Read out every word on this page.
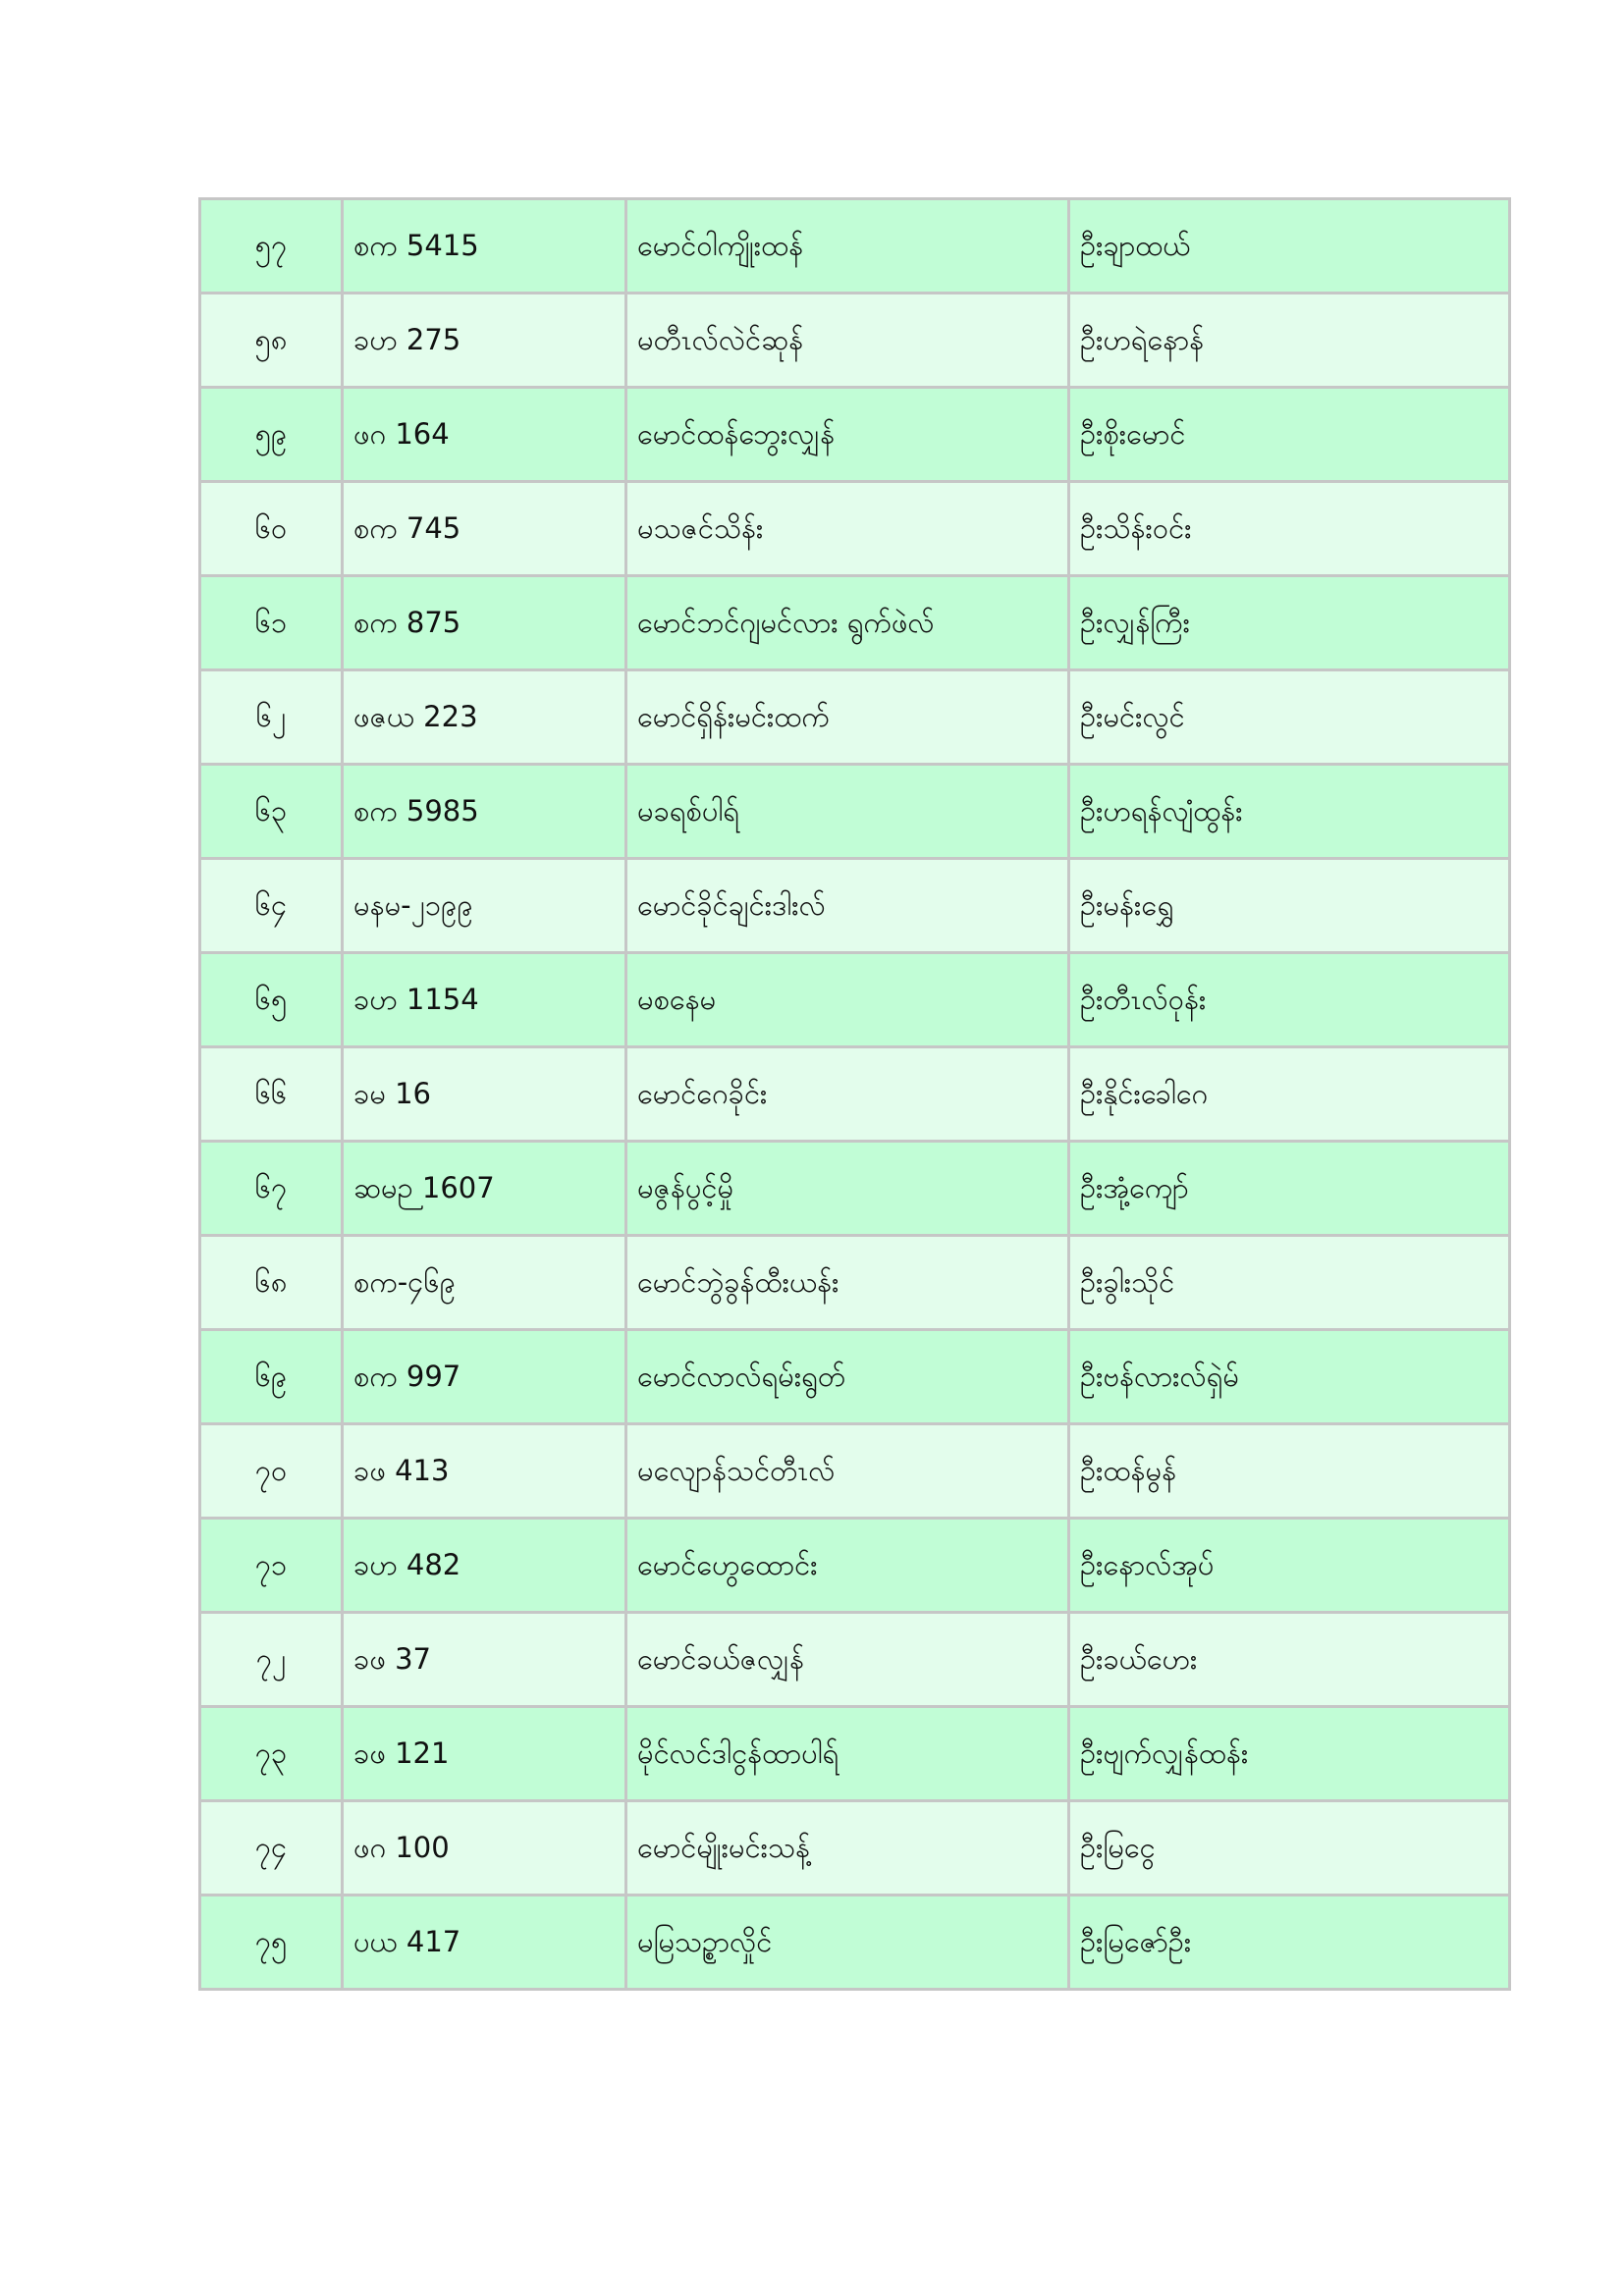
၅၇	စက 5415	မောင်ဝါကျိုးထန်	ဦးချာထယ်
၅၈	ခဟ 275	မတီၤလ်လဲင်ဆုန်	ဦးဟရဲနောန်
၅၉	ဖဂ 164	မောင်ထန်ဘွေးလျှန်	ဦးစိုးမောင်
၆၀	စက 745	မသဇင်သိန်း	ဦးသိန်းဝင်း
၆၁	စက 875	မောင်ဘင်ဂျမင်လား ရွက်ဖဲလ်	ဦးလျှန်ကြီး
၆၂	ဖဇယ 223	မောင်ရှိန်းမင်းထက်	ဦးမင်းလွင်
၆၃	စက 5985	မခရစ်ပါရ်	ဦးဟရန်လျံထွန်း
၆၄	မနမ-၂၁၉၉	မောင်ခိုင်ချင်းဒါးလ်	ဦးမန်းရွှေ
၆၅	ခဟ 1154	မစနေမ	ဦးတီၤလ်ဝုန်း
၆၆	ခမ 16	မောင်ဂေခိုင်း	ဦးနိုင်းခေါဂေ
၆၇	ဆမဉ 1607	မဇွန်ပွင့်မှို	ဦးအုံ့ကျော်
၆၈	စက-၄၆၉	မောင်ဘွဲခွန်ထီးယန်း	ဦးခွါးသိုင်
၆၉	စက 997	မောင်လာလ်ရမ်းရွတ်	ဦးဗန်လားလ်ရှဲမ်
၇၀	ခဖ 413	မလျောန်သင်တီၤလ်	ဦးထန်မွန်
၇၁	ခဟ 482	မောင်ဟွေထောင်း	ဦးနောလ်အုပ်
၇၂	ခဖ 37	မောင်ခယ်ဇလျှန်	ဦးခယ်ဟေး
၇၃	ခဖ 121	မိုင်လင်ဒါငွန်ထာပါရ်	ဦးဗျက်လျှန်ထန်း
၇၄	ဖဂ 100	မောင်မျိုးမင်းသန့်	ဦးမြငွေ
၇၅	ပယ 417	မမြသဥ္စာလှိုင်	ဦးမြဇော်ဦး
